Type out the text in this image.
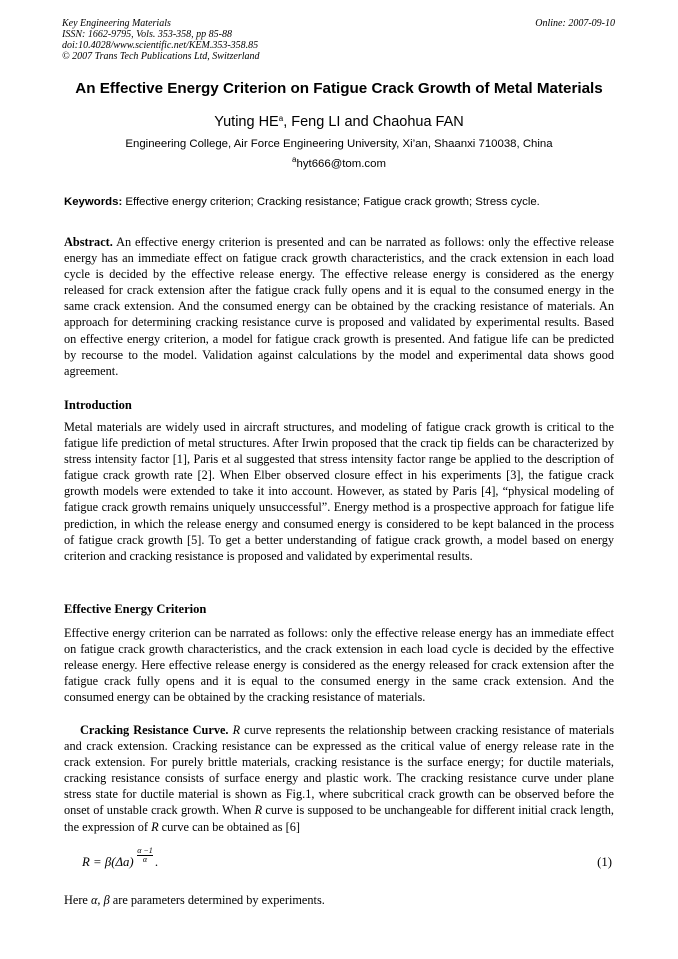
Key Engineering Materials
ISSN: 1662-9795, Vols. 353-358, pp 85-88
doi:10.4028/www.scientific.net/KEM.353-358.85
© 2007 Trans Tech Publications Ltd, Switzerland
Online: 2007-09-10
An Effective Energy Criterion on Fatigue Crack Growth of Metal Materials
Yuting $HE^a$, Feng LI and Chaohua FAN
Engineering College, Air Force Engineering University, Xi’an, Shaanxi 710038, China
$^a$hyt666@tom.com
Keywords: Effective energy criterion; Cracking resistance; Fatigue crack growth; Stress cycle.
Abstract. An effective energy criterion is presented and can be narrated as follows: only the effective release energy has an immediate effect on fatigue crack growth characteristics, and the crack extension in each load cycle is decided by the effective release energy. The effective release energy is considered as the energy released for crack extension after the fatigue crack fully opens and it is equal to the consumed energy in the same crack extension. And the consumed energy can be obtained by the cracking resistance of materials. An approach for determining cracking resistance curve is proposed and validated by experimental results. Based on effective energy criterion, a model for fatigue crack growth is presented. And fatigue life can be predicted by recourse to the model. Validation against calculations by the model and experimental data shows good agreement.
Introduction
Metal materials are widely used in aircraft structures, and modeling of fatigue crack growth is critical to the fatigue life prediction of metal structures. After Irwin proposed that the crack tip fields can be characterized by stress intensity factor [1], Paris et al suggested that stress intensity factor range be applied to the description of fatigue crack growth rate [2]. When Elber observed closure effect in his experiments [3], the fatigue crack growth models were extended to take it into account. However, as stated by Paris [4], “physical modeling of fatigue crack growth remains uniquely unsuccessful”. Energy method is a prospective approach for fatigue life prediction, in which the release energy and consumed energy is considered to be kept balanced in the process of fatigue crack growth [5]. To get a better understanding of fatigue crack growth, a model based on energy criterion and cracking resistance is proposed and validated by experimental results.
Effective Energy Criterion
Effective energy criterion can be narrated as follows: only the effective release energy has an immediate effect on fatigue crack growth characteristics, and the crack extension in each load cycle is decided by the effective release energy. Here effective release energy is considered as the energy released for crack extension after the fatigue crack fully opens and it is equal to the consumed energy in the same crack extension. And the consumed energy can be obtained by the cracking resistance of materials.
Cracking Resistance Curve. R curve represents the relationship between cracking resistance of materials and crack extension. Cracking resistance can be expressed as the critical value of energy release rate in the crack extension. For purely brittle materials, cracking resistance is the surface energy; for ductile materials, cracking resistance consists of surface energy and plastic work. The cracking resistance curve under plane stress state for ductile material is shown as Fig.1, where subcritical crack growth can be observed before the onset of unstable crack growth. When R curve is supposed to be unchangeable for different initial crack length, the expression of R curve can be obtained as [6]
$R = \beta(\Delta a) \frac{\alpha -1}{\alpha}$ .	(1)
Here α, β are parameters determined by experiments.
